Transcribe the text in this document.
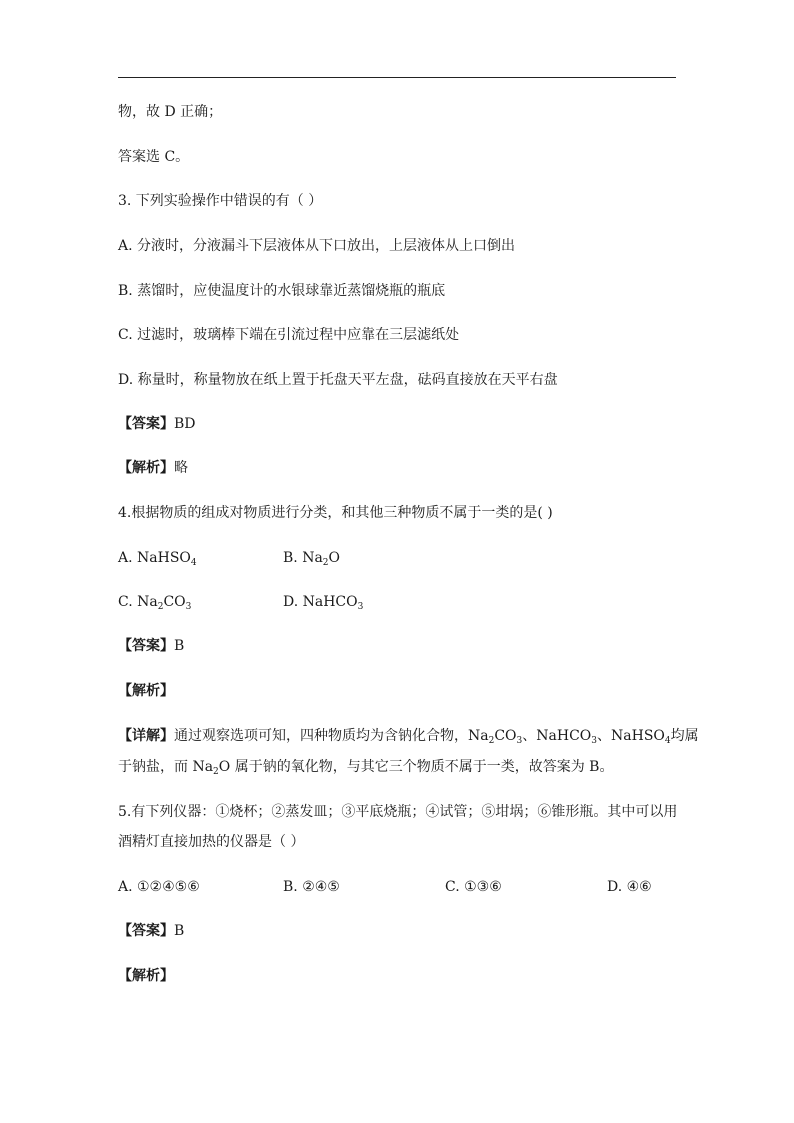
物，故 D 正确；
答案选 C。
3. 下列实验操作中错误的有（ ）
A. 分液时，分液漏斗下层液体从下口放出，上层液体从上口倒出
B. 蒸馏时，应使温度计的水银球靠近蒸馏烧瓶的瓶底
C. 过滤时，玻璃棒下端在引流过程中应靠在三层滤纸处
D. 称量时，称量物放在纸上置于托盘天平左盘，砝码直接放在天平右盘
【答案】BD
【解析】略
4.根据物质的组成对物质进行分类，和其他三种物质不属于一类的是( )
A. NaHSO$_4$	B. $Na_2O$
C. $Na_2CO_3$	D. NaHCO$_3$
【答案】B
【解析】
【详解】通过观察选项可知，四种物质均为含钠化合物，$Na_2CO_3$、NaHCO$_3$、NaHSO$_4$均属
于钠盐，而 $Na_2O$ 属于钠的氧化物，与其它三个物质不属于一类，故答案为 B。
5.有下列仪器：①烧杯；②蒸发皿；③平底烧瓶；④试管；⑤坩埚；⑥锥形瓶。其中可以用
酒精灯直接加热的仪器是（ ）
A. ①②④⑤⑥	B. ②④⑤	C. ①③⑥	D. ④⑥
【答案】B
【解析】
